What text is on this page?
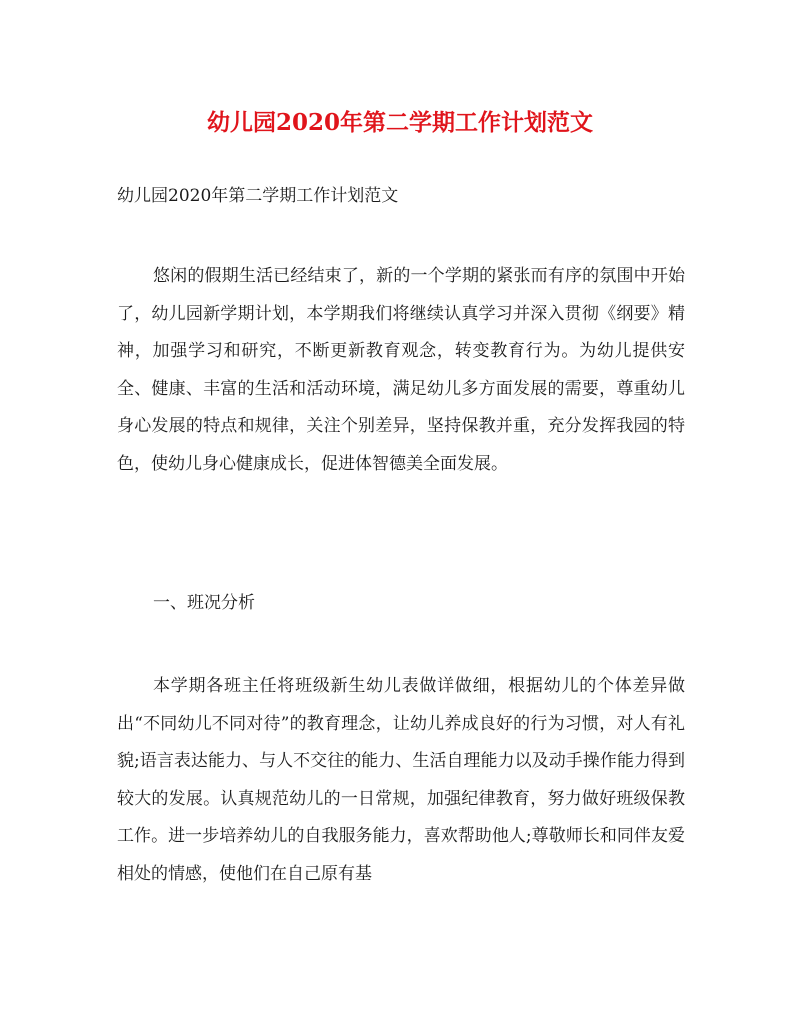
幼儿园2020年第二学期工作计划范文

幼儿园2020年第二学期工作计划范文

悠闲的假期生活已经结束了，新的一个学期的紧张而有序的氛围中开始了，幼儿园新学期计划，本学期我们将继续认真学习并深入贯彻《纲要》精神，加强学习和研究，不断更新教育观念，转变教育行为。为幼儿提供安全、健康、丰富的生活和活动环境，满足幼儿多方面发展的需要，尊重幼儿身心发展的特点和规律，关注个别差异，坚持保教并重，充分发挥我园的特色，使幼儿身心健康成长，促进体智德美全面发展。

一、班况分析

本学期各班主任将班级新生幼儿表做详做细，根据幼儿的个体差异做出“不同幼儿不同对待”的教育理念，让幼儿养成良好的行为习惯，对人有礼貌;语言表达能力、与人不交往的能力、生活自理能力以及动手操作能力得到较大的发展。认真规范幼儿的一日常规，加强纪律教育，努力做好班级保教工作。进一步培养幼儿的自我服务能力，喜欢帮助他人;尊敬师长和同伴友爱相处的情感，使他们在自己原有基
